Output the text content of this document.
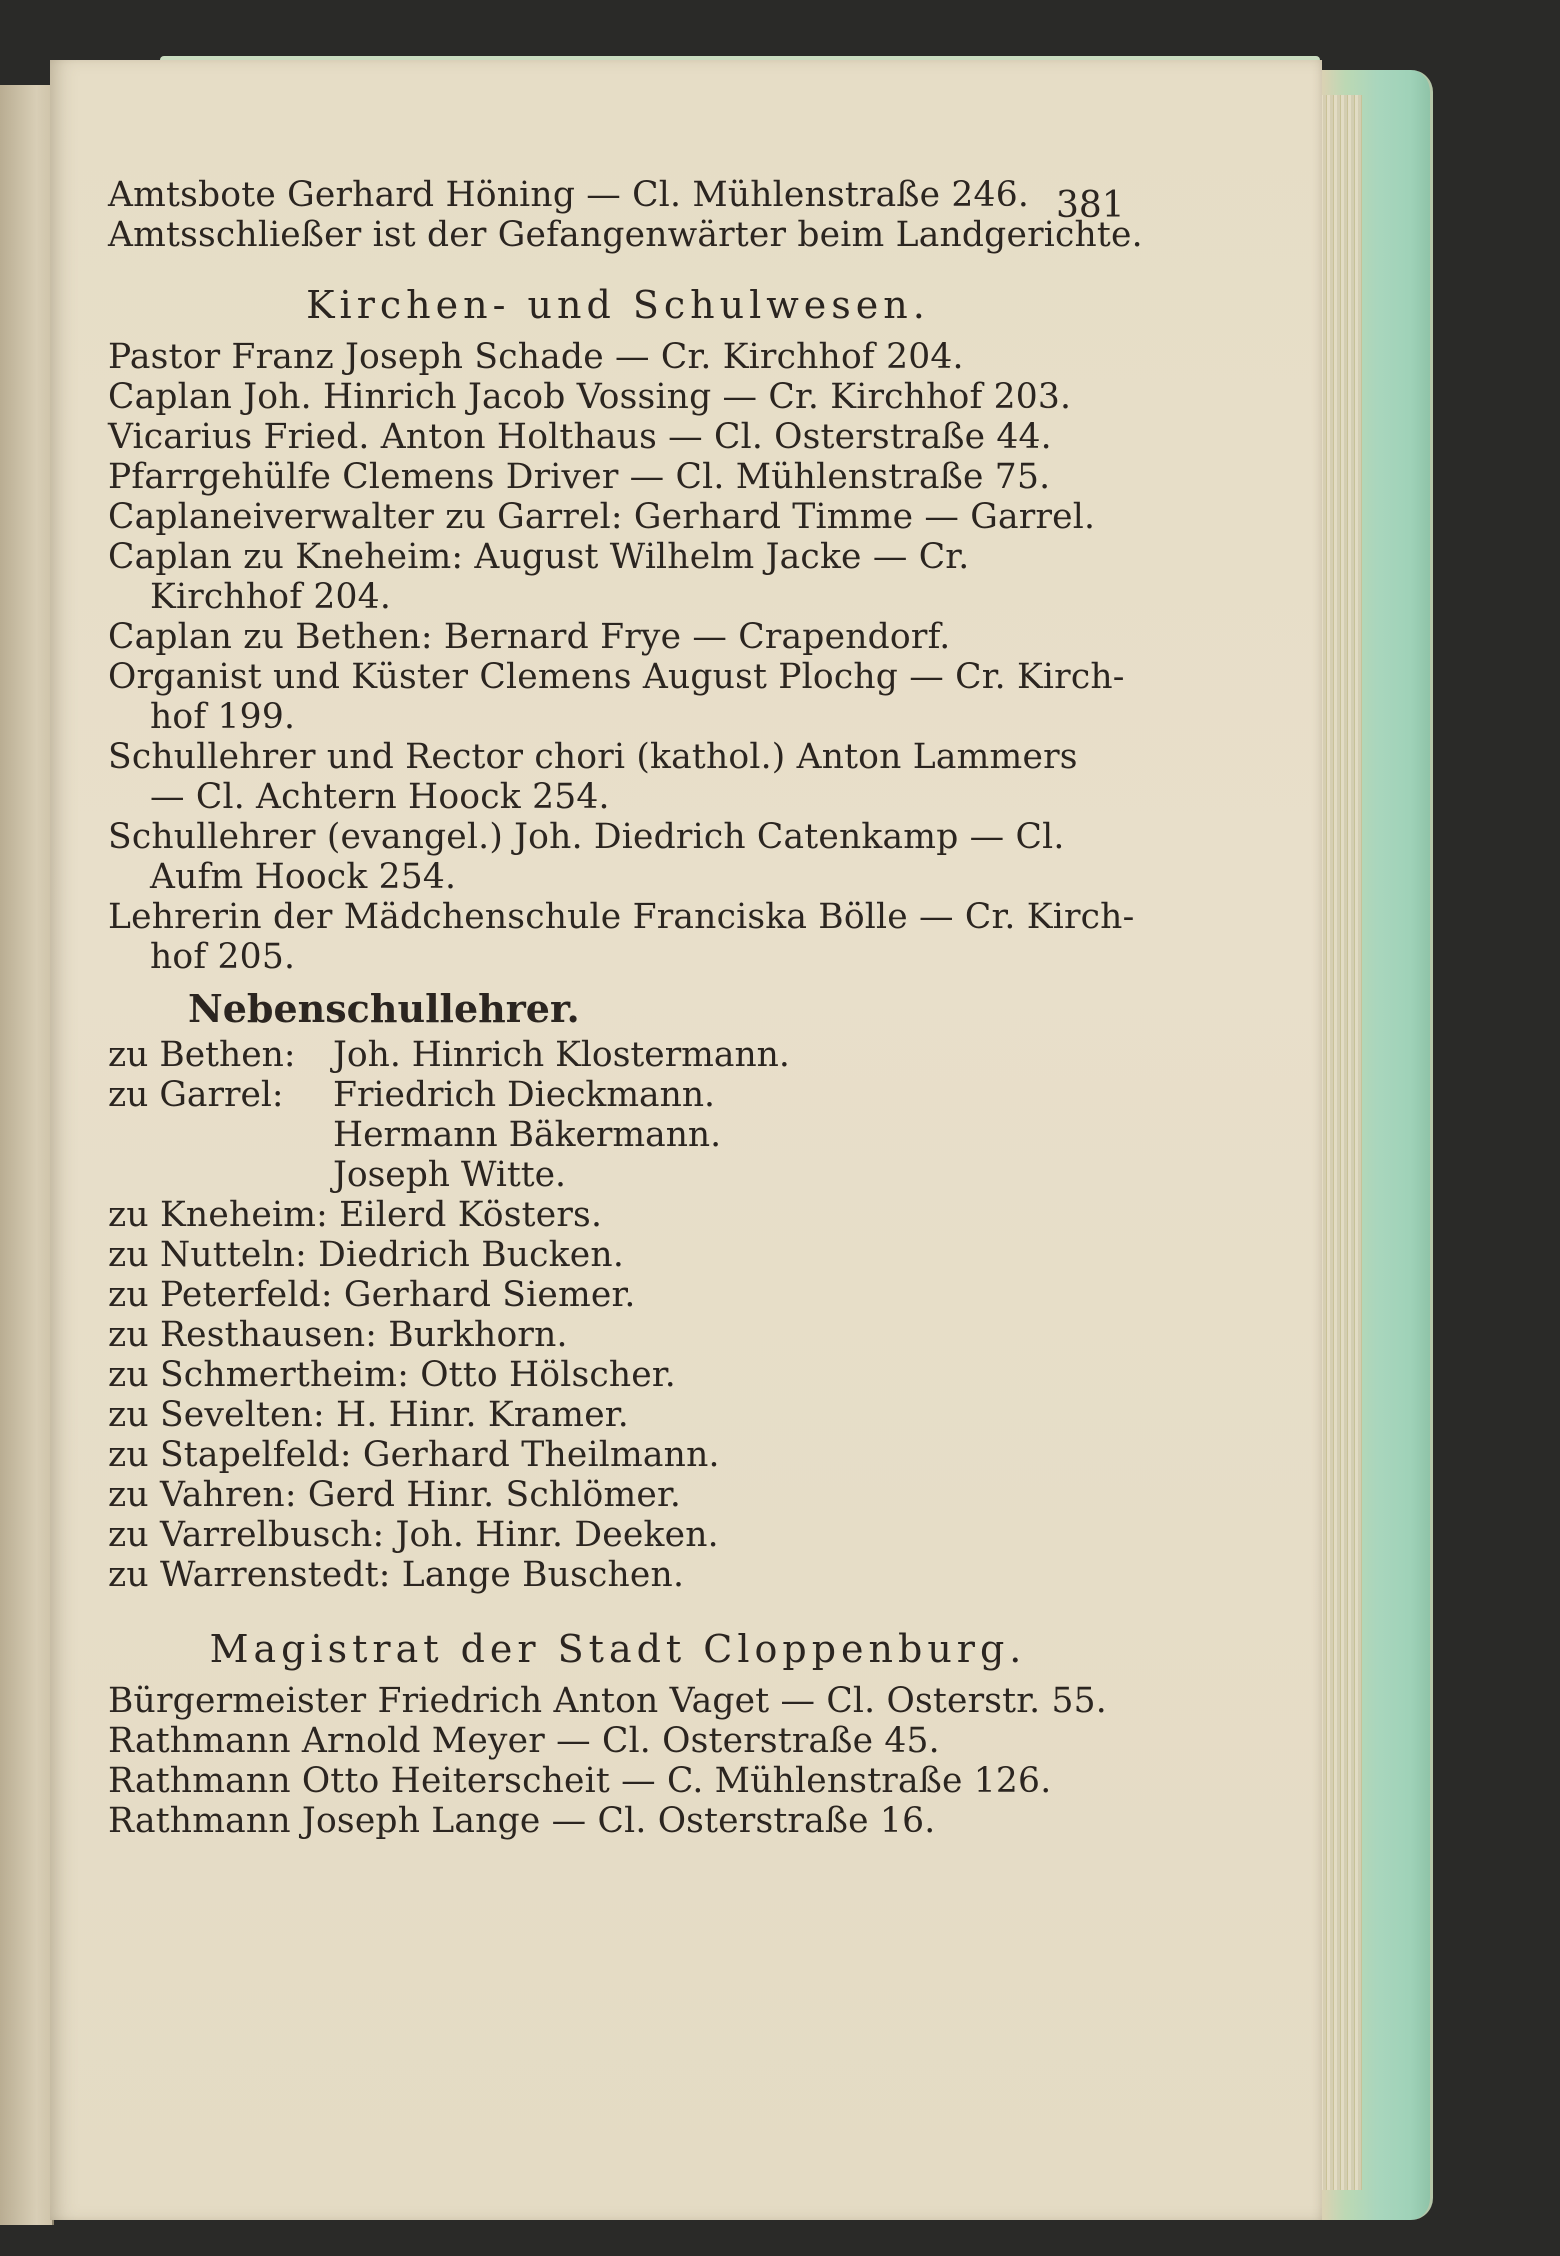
381
Amtsbote Gerhard Höning — Cl. Mühlenstraße 246.
Amtsschließer ist der Gefangenwärter beim Landgerichte.
Kirchen- und Schulwesen.
Pastor Franz Joseph Schade — Cr. Kirchhof 204.
Caplan Joh. Hinrich Jacob Vossing — Cr. Kirchhof 203.
Vicarius Fried. Anton Holthaus — Cl. Osterstraße 44.
Pfarrgehülfe Clemens Driver — Cl. Mühlenstraße 75.
Caplaneiverwalter zu Garrel: Gerhard Timme — Garrel.
Caplan zu Kneheim: August Wilhelm Jacke — Cr.
Kirchhof 204.
Caplan zu Bethen: Bernard Frye — Crapendorf.
Organist und Küster Clemens August Plochg — Cr. Kirch-
hof 199.
Schullehrer und Rector chori (kathol.) Anton Lammers
— Cl. Achtern Hoock 254.
Schullehrer (evangel.) Joh. Diedrich Catenkamp — Cl.
Aufm Hoock 254.
Lehrerin der Mädchenschule Franciska Bölle — Cr. Kirch-
hof 205.
Nebenschullehrer.
zu Bethen:	Joh. Hinrich Klostermann.
zu Garrel:	Friedrich Dieckmann.
Hermann Bäkermann.
Joseph Witte.
zu Kneheim: Eilerd Kösters.
zu Nutteln: Diedrich Bucken.
zu Peterfeld: Gerhard Siemer.
zu Resthausen: Burkhorn.
zu Schmertheim: Otto Hölscher.
zu Sevelten: H. Hinr. Kramer.
zu Stapelfeld: Gerhard Theilmann.
zu Vahren: Gerd Hinr. Schlömer.
zu Varrelbusch: Joh. Hinr. Deeken.
zu Warrenstedt: Lange Buschen.
Magistrat der Stadt Cloppenburg.
Bürgermeister Friedrich Anton Vaget — Cl. Osterstr. 55.
Rathmann Arnold Meyer — Cl. Osterstraße 45.
Rathmann Otto Heiterscheit — C. Mühlenstraße 126.
Rathmann Joseph Lange — Cl. Osterstraße 16.
